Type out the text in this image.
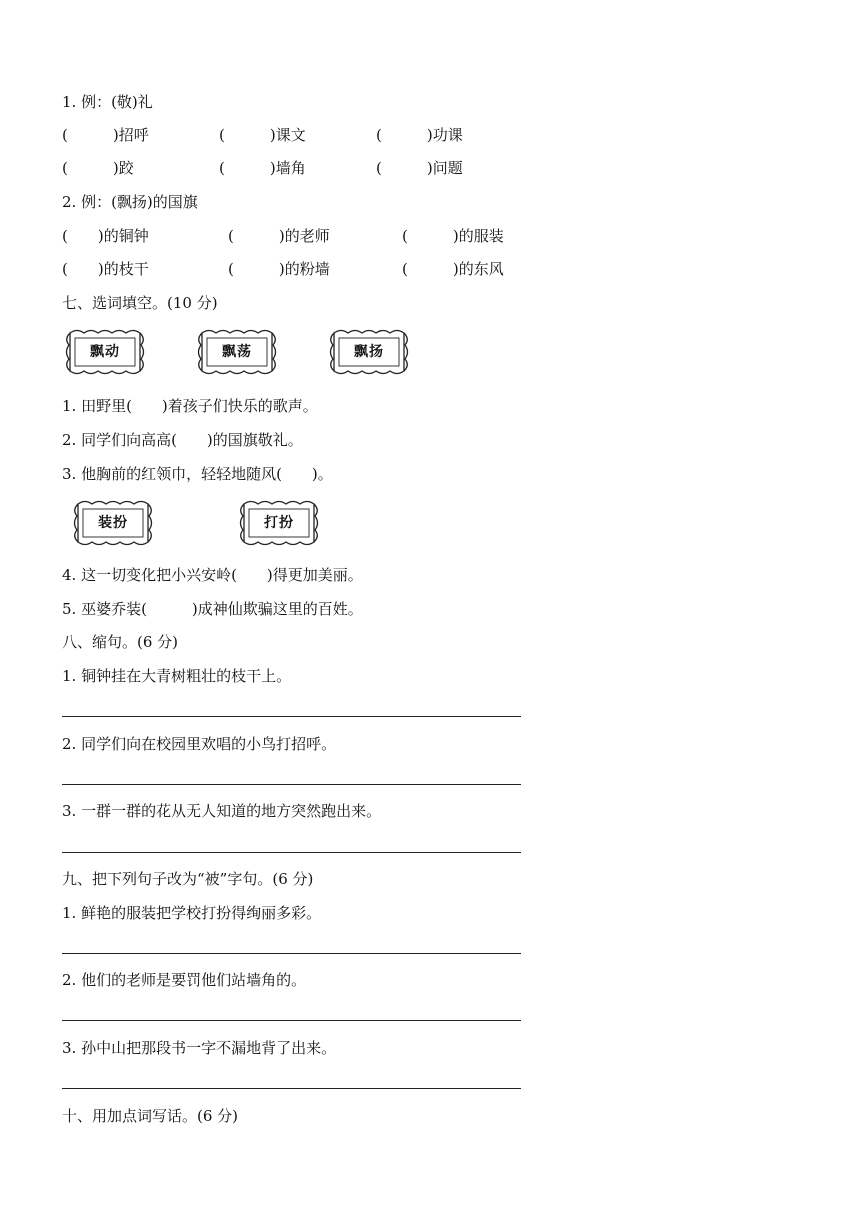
1. 例：(敬)礼
(　　　)招呼	(　　　)课文	(　　　)功课
(　　　)跤	(　　　)墙角	(　　　)问题
2. 例：(飘扬)的国旗
(　　)的铜钟	(　　　)的老师	(　　　)的服装
(　　)的枝干	(　　　)的粉墙	(　　　)的东风
七、选词填空。(10 分)
飘动	飘荡	飘扬
1. 田野里(　　)着孩子们快乐的歌声。
2. 同学们向高高(　　)的国旗敬礼。
3. 他胸前的红领巾，轻轻地随风(　　)。
装扮	打扮
4. 这一切变化把小兴安岭(　　)得更加美丽。
5. 巫婆乔装(　　　)成神仙欺骗这里的百姓。
八、缩句。(6 分)
1. 铜钟挂在大青树粗壮的枝干上。
2. 同学们向在校园里欢唱的小鸟打招呼。
3. 一群一群的花从无人知道的地方突然跑出来。
九、把下列句子改为“被”字句。(6 分)
1. 鲜艳的服装把学校打扮得绚丽多彩。
2. 他们的老师是要罚他们站墙角的。
3. 孙中山把那段书一字不漏地背了出来。
十、用加点词写话。(6 分)
